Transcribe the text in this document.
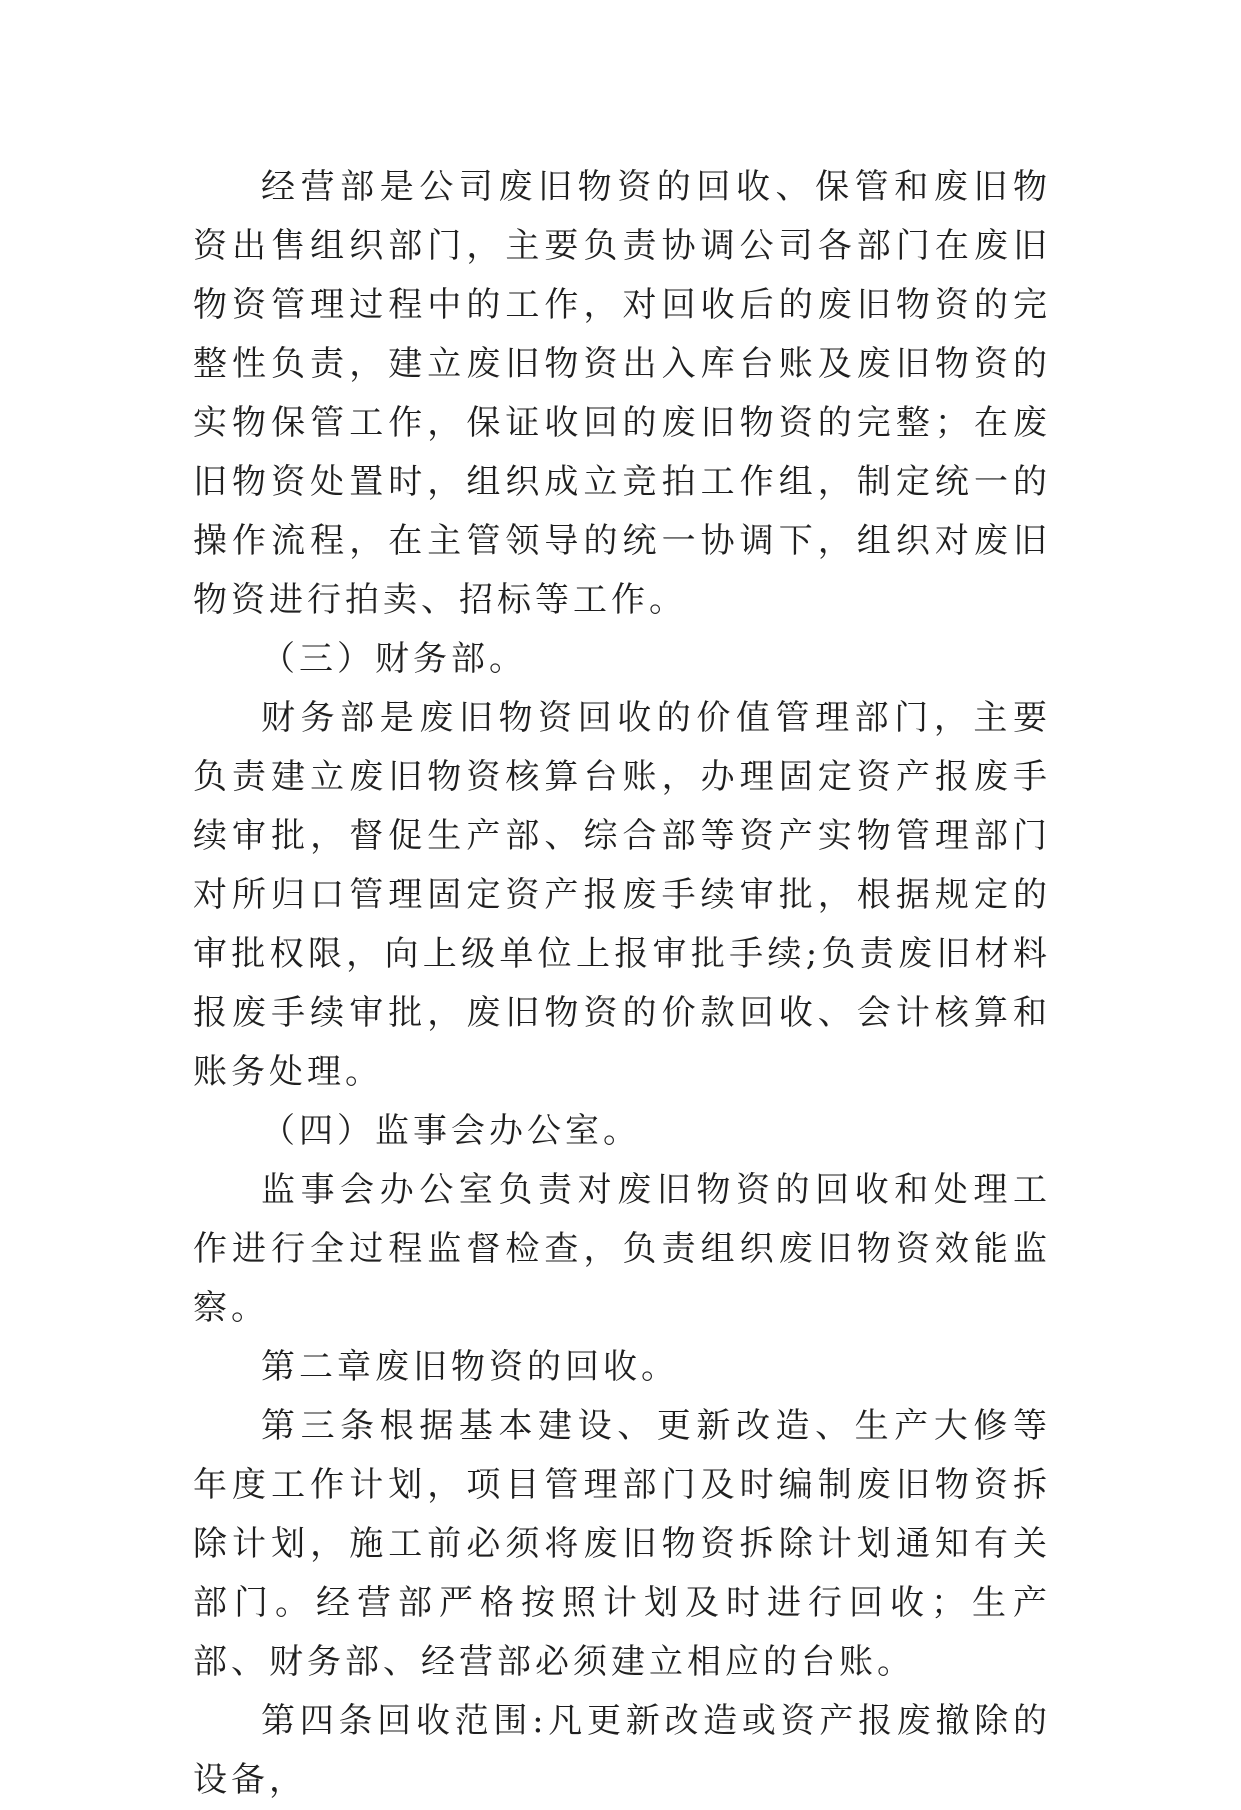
经营部是公司废旧物资的回收、保管和废旧物资出售组织部门，主要负责协调公司各部门在废旧物资管理过程中的工作，对回收后的废旧物资的完整性负责，建立废旧物资出入库台账及废旧物资的实物保管工作，保证收回的废旧物资的完整；在废旧物资处置时，组织成立竞拍工作组，制定统一的操作流程，在主管领导的统一协调下，组织对废旧物资进行拍卖、招标等工作。

（三）财务部。

财务部是废旧物资回收的价值管理部门，主要负责建立废旧物资核算台账，办理固定资产报废手续审批，督促生产部、综合部等资产实物管理部门对所归口管理固定资产报废手续审批，根据规定的审批权限，向上级单位上报审批手续;负责废旧材料报废手续审批，废旧物资的价款回收、会计核算和账务处理。

（四）监事会办公室。

监事会办公室负责对废旧物资的回收和处理工作进行全过程监督检查，负责组织废旧物资效能监察。

第二章废旧物资的回收。

第三条根据基本建设、更新改造、生产大修等年度工作计划，项目管理部门及时编制废旧物资拆除计划，施工前必须将废旧物资拆除计划通知有关部门。经营部严格按照计划及时进行回收；生产部、财务部、经营部必须建立相应的台账。

第四条回收范围:凡更新改造或资产报废撤除的设备，
